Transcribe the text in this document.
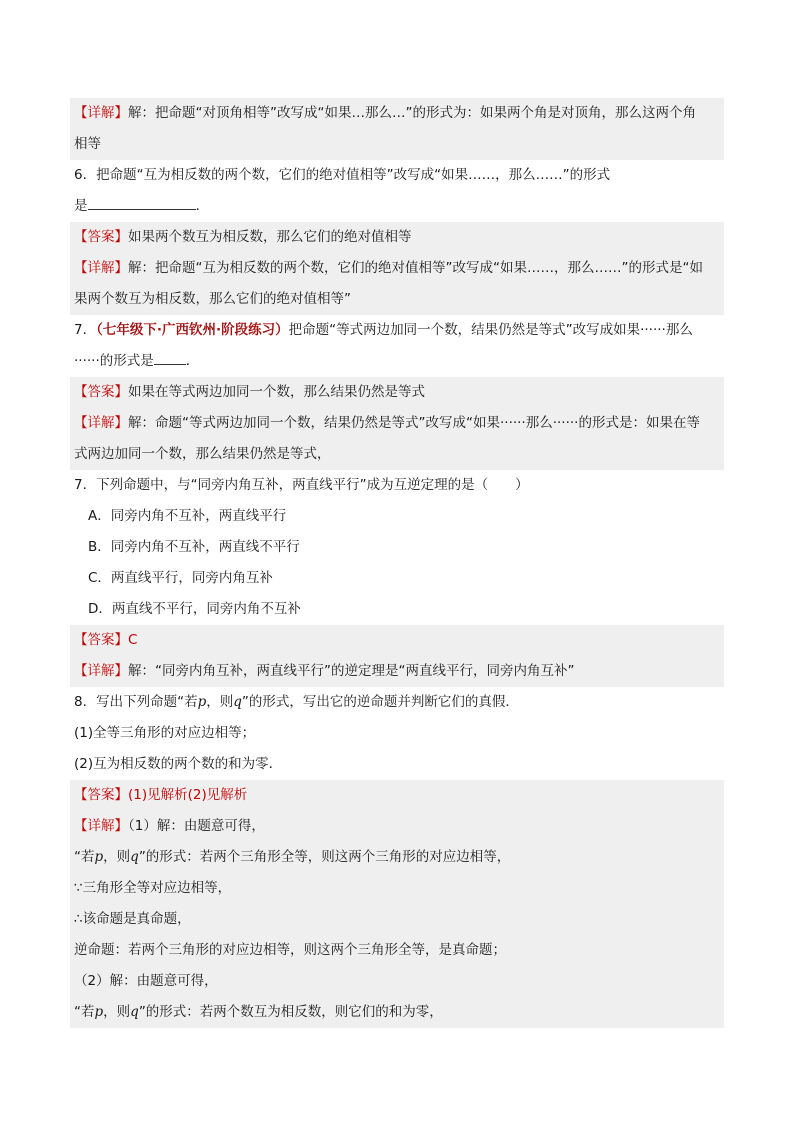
【详解】解：把命题“对顶角相等”改写成“如果…那么…”的形式为：如果两个角是对顶角，那么这两个角
相等
6．把命题“互为相反数的两个数，它们的绝对值相等”改写成“如果……，那么……”的形式
是	.
【答案】如果两个数互为相反数，那么它们的绝对值相等
【详解】解：把命题“互为相反数的两个数，它们的绝对值相等”改写成“如果……，那么……”的形式是“如
果两个数互为相反数，那么它们的绝对值相等”
7．（七年级下·广西钦州·阶段练习）把命题“等式两边加同一个数，结果仍然是等式”改写成如果······那么
······的形式是 ．
【答案】如果在等式两边加同一个数，那么结果仍然是等式
【详解】解：命题“等式两边加同一个数，结果仍然是等式”改写成“如果······那么······的形式是：如果在等
式两边加同一个数，那么结果仍然是等式，
7．下列命题中，与“同旁内角互补，两直线平行”成为互逆定理的是（　　）
A．同旁内角不互补，两直线平行
B．同旁内角不互补，两直线不平行
C．两直线平行，同旁内角互补
D．两直线不平行，同旁内角不互补
【答案】C
【详解】解：“同旁内角互补，两直线平行”的逆定理是“两直线平行，同旁内角互补”
8．写出下列命题“若p，则q”的形式，写出它的逆命题并判断它们的真假．
(1)全等三角形的对应边相等；
(2)互为相反数的两个数的和为零．
【答案】(1)见解析(2)见解析
【详解】（1）解：由题意可得，
“若p，则q”的形式：若两个三角形全等，则这两个三角形的对应边相等，
∵三角形全等对应边相等，
∴该命题是真命题，
逆命题：若两个三角形的对应边相等，则这两个三角形全等，是真命题；
（2）解：由题意可得，
“若p，则q”的形式：若两个数互为相反数，则它们的和为零，
